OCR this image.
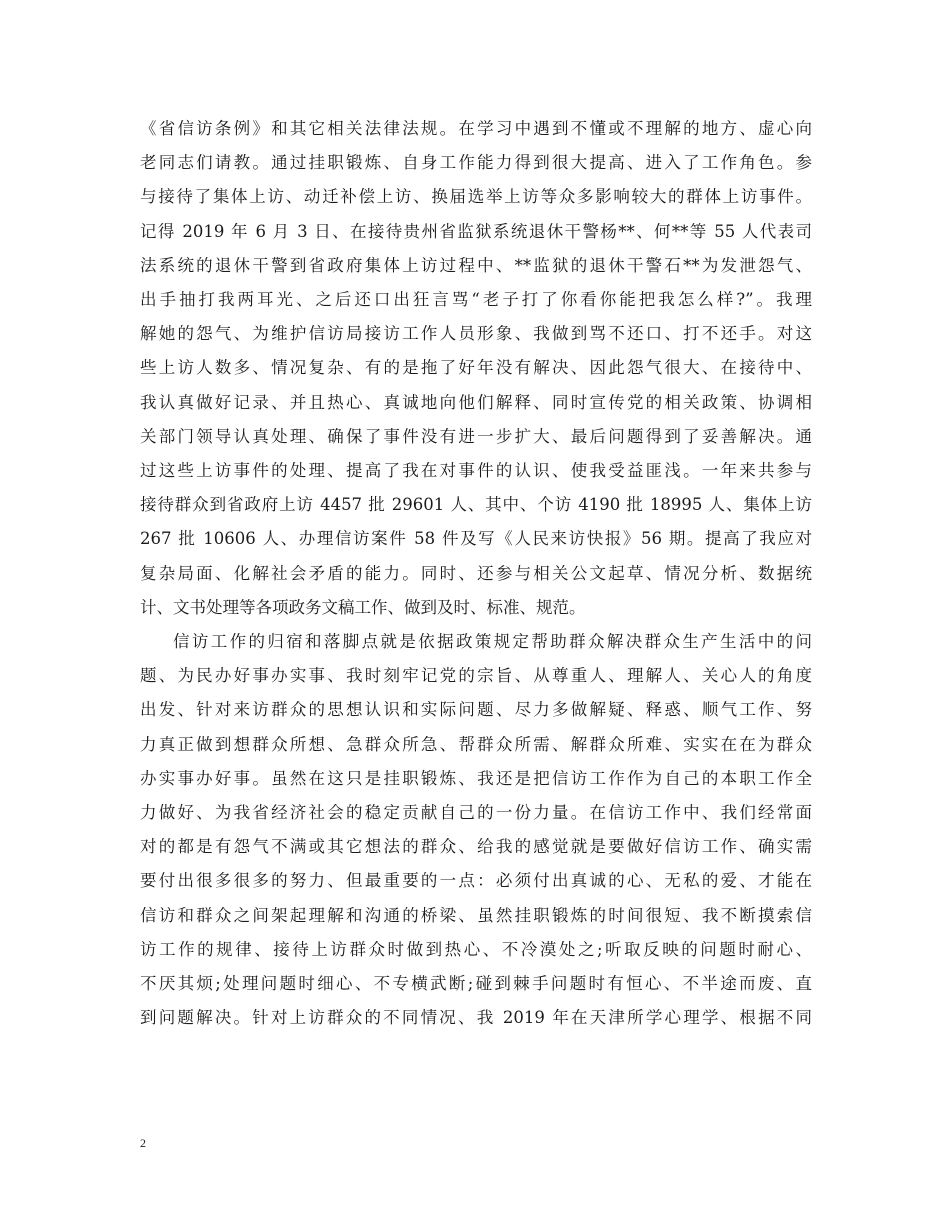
《省信访条例》和其它相关法律法规。在学习中遇到不懂或不理解的地方、虚心向
老同志们请教。通过挂职锻炼、自身工作能力得到很大提高、进入了工作角色。参
与接待了集体上访、动迁补偿上访、换届选举上访等众多影响较大的群体上访事件。
记得 2019 年 6 月 3 日、在接待贵州省监狱系统退休干警杨**、何**等 55 人代表司
法系统的退休干警到省政府集体上访过程中、**监狱的退休干警石**为发泄怨气、
出手抽打我两耳光、之后还口出狂言骂“老子打了你看你能把我怎么样?”。我理
解她的怨气、为维护信访局接访工作人员形象、我做到骂不还口、打不还手。对这
些上访人数多、情况复杂、有的是拖了好年没有解决、因此怨气很大、在接待中、
我认真做好记录、并且热心、真诚地向他们解释、同时宣传党的相关政策、协调相
关部门领导认真处理、确保了事件没有进一步扩大、最后问题得到了妥善解决。通
过这些上访事件的处理、提高了我在对事件的认识、使我受益匪浅。一年来共参与
接待群众到省政府上访 4457 批 29601 人、其中、个访 4190 批 18995 人、集体上访
267 批 10606 人、办理信访案件 58 件及写《人民来访快报》56 期。提高了我应对
复杂局面、化解社会矛盾的能力。同时、还参与相关公文起草、情况分析、数据统
计、文书处理等各项政务文稿工作、做到及时、标准、规范。
信访工作的归宿和落脚点就是依据政策规定帮助群众解决群众生产生活中的问
题、为民办好事办实事、我时刻牢记党的宗旨、从尊重人、理解人、关心人的角度
出发、针对来访群众的思想认识和实际问题、尽力多做解疑、释惑、顺气工作、努
力真正做到想群众所想、急群众所急、帮群众所需、解群众所难、实实在在为群众
办实事办好事。虽然在这只是挂职锻炼、我还是把信访工作作为自己的本职工作全
力做好、为我省经济社会的稳定贡献自己的一份力量。在信访工作中、我们经常面
对的都是有怨气不满或其它想法的群众、给我的感觉就是要做好信访工作、确实需
要付出很多很多的努力、但最重要的一点：必须付出真诚的心、无私的爱、才能在
信访和群众之间架起理解和沟通的桥梁、虽然挂职锻炼的时间很短、我不断摸索信
访工作的规律、接待上访群众时做到热心、不冷漠处之;听取反映的问题时耐心、
不厌其烦;处理问题时细心、不专横武断;碰到棘手问题时有恒心、不半途而废、直
到问题解决。针对上访群众的不同情况、我 2019 年在天津所学心理学、根据不同
2
